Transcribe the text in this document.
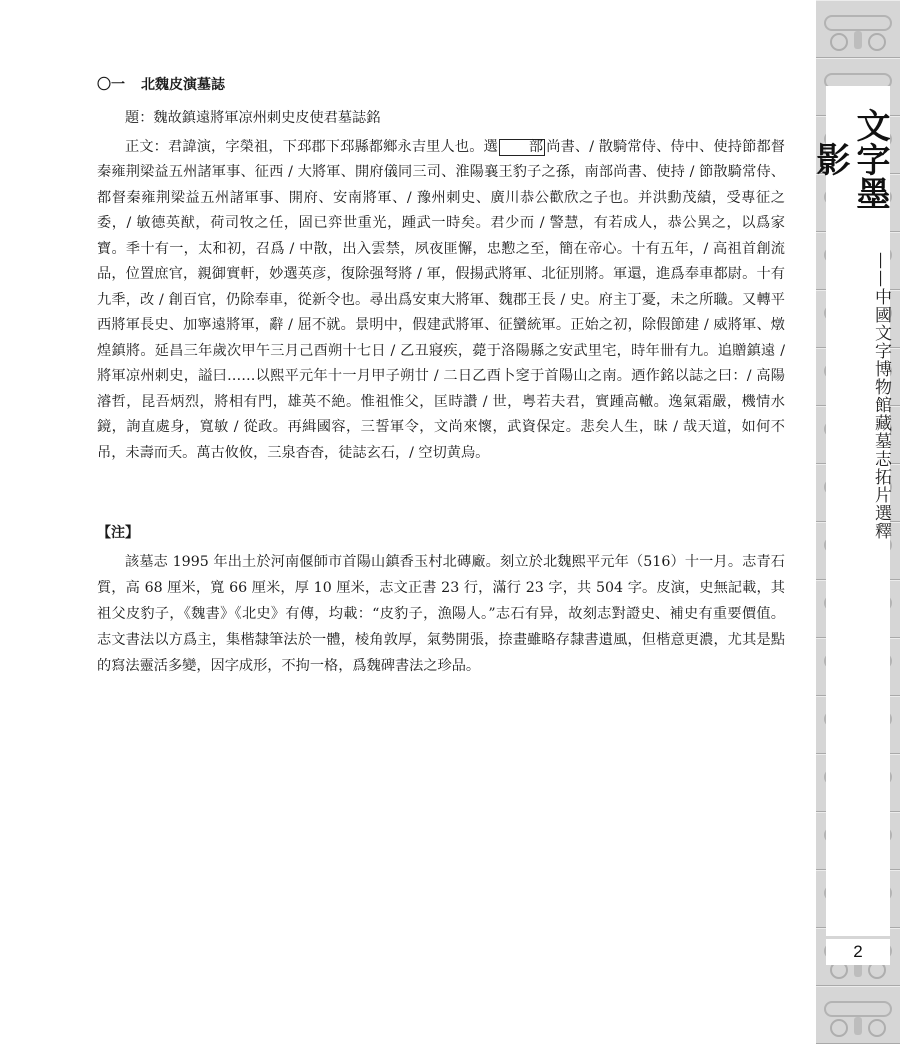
文字墨影
——中國文字博物館藏墓志拓片選釋
2
〇一 北魏皮演墓誌

題：魏故鎮遠將軍凉州刺史皮使君墓誌銘

正文：君諱演，字榮祖，下邳郡下邳縣都鄉永吉里人也。選 部 尚書、/ 散騎常侍、侍中、使持節都督秦雍荆梁益五州諸軍事、征西 / 大將軍、開府儀同三司、淮陽襄王豹子之孫，南部尚書、使持 / 節散騎常侍、都督秦雍荆梁益五州諸軍事、開府、安南將軍、/ 豫州刺史、廣川恭公歡欣之子也。并洪勳茂績，受專征之委，/ 敏德英猷，荷司牧之任，固已弈世重光，踵武一時矣。君少而 / 警慧，有若成人，恭公異之，以爲家寶。秊十有一，太和初，召爲 / 中散，出入雲禁，夙夜匪懈，忠懃之至，簡在帝心。十有五年，/ 高祖首創流品，位置庶官，親御實軒，妙選英彦，復除强弩將 / 軍，假揚武將軍、北征別將。軍還，進爲奉車都尉。十有九秊，改 / 創百官，仍除奉車，從新令也。尋出爲安東大將軍、魏郡王長 / 史。府主丁憂，未之所職。又轉平西將軍長史、加寧遠將軍，辭 / 屈不就。景明中，假建武將軍、征蠻統軍。正始之初，除假節建 / 威將軍、燉煌鎮將。延昌三年歲次甲午三月己酉朔十七日 / 乙丑寢疾，薨于洛陽縣之安武里宅，時年卌有九。追贈鎮遠 / 將軍凉州刺史，謚曰……以熙平元年十一月甲子朔廿 / 二日乙酉卜窆于首陽山之南。迺作銘以誌之曰：/ 高陽濬哲，昆吾炳烈，將相有門，雄英不絶。惟祖惟父，匡時讚 / 世，粤若夫君，實踵高轍。逸氣霜嚴，機情水鏡，詢直處身，寬敏 / 從政。再緝國容，三誓軍令，文尚來懷，武資保定。悲矣人生，昧 / 哉天道，如何不吊，未壽而夭。萬古攸攸，三泉杳杳，徒誌玄石，/ 空切黄烏。

【注】

該墓志 1995 年出土於河南偃師市首陽山鎮香玉村北磚廠。刻立於北魏熙平元年（516）十一月。志青石質，高 68 厘米，寬 66 厘米，厚 10 厘米，志文正書 23 行，滿行 23 字，共 504 字。皮演，史無記載，其祖父皮豹子，《魏書》《北史》有傳，均載：“皮豹子，漁陽人。”志石有异，故刻志對證史、補史有重要價值。志文書法以方爲主，集楷隸筆法於一體，棱角敦厚，氣勢開張，捺畫雖略存隸書遺風，但楷意更濃，尤其是點的寫法靈活多變，因字成形，不拘一格，爲魏碑書法之珍品。
